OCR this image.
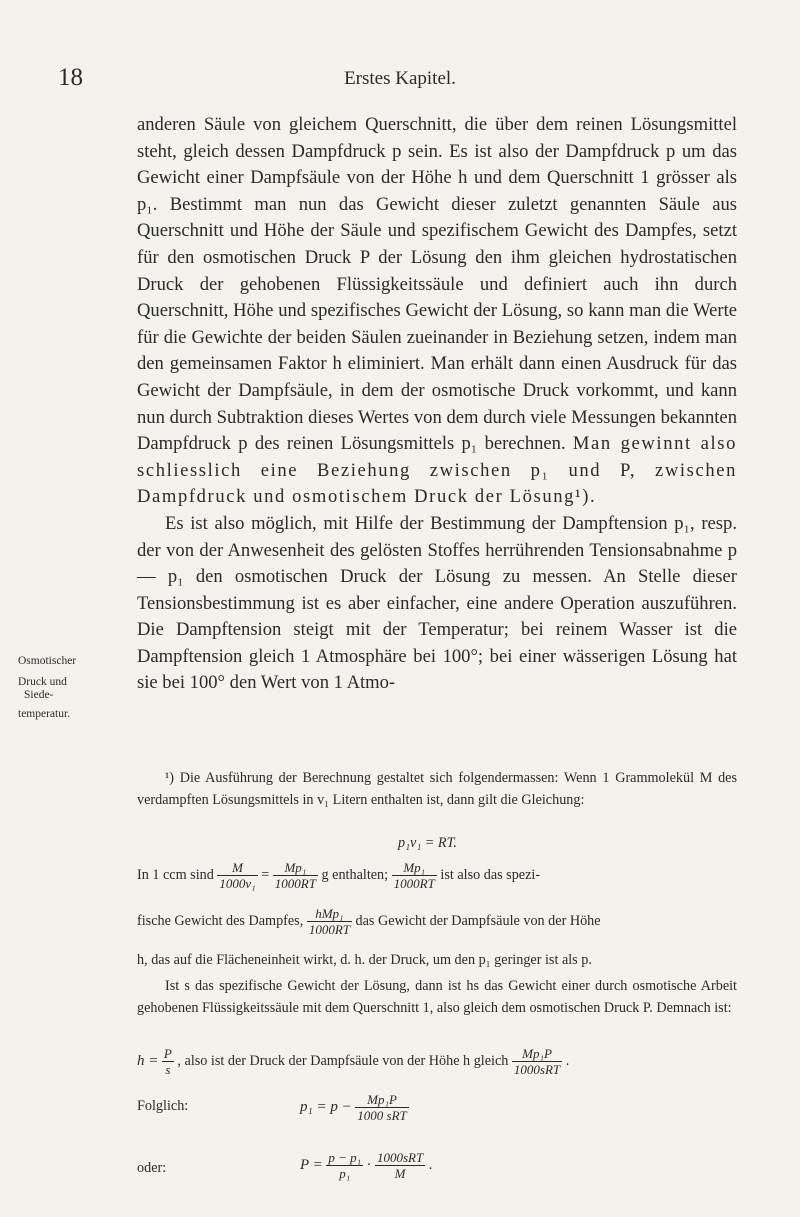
18	Erstes Kapitel.

anderen Säule von gleichem Querschnitt, die über dem reinen Lösungsmittel steht, gleich dessen Dampfdruck p sein. Es ist also der Dampfdruck p um das Gewicht einer Dampfsäule von der Höhe h und dem Querschnitt 1 grösser als p₁. Bestimmt man nun das Gewicht dieser zuletzt genannten Säule aus Querschnitt und Höhe der Säule und spezifischem Gewicht des Dampfes, setzt für den osmotischen Druck P der Lösung den ihm gleichen hydrostatischen Druck der gehobenen Flüssigkeitssäule und definiert auch ihn durch Querschnitt, Höhe und spezifisches Gewicht der Lösung, so kann man die Werte für die Gewichte der beiden Säulen zueinander in Beziehung setzen, indem man den gemeinsamen Faktor h eliminiert. Man erhält dann einen Ausdruck für das Gewicht der Dampfsäule, in dem der osmotische Druck vorkommt, und kann nun durch Subtraktion dieses Wertes von dem durch viele Messungen bekannten Dampfdruck p des reinen Lösungsmittels p₁ berechnen. Man gewinnt also schliesslich eine Beziehung zwischen p₁ und P, zwischen Dampfdruck und osmotischem Druck der Lösung¹).

Es ist also möglich, mit Hilfe der Bestimmung der Dampftension p₁, resp. der von der Anwesenheit des gelösten Stoffes herrührenden Tensionsabnahme p — p₁ den osmotischen Druck der Lösung zu messen. An Stelle dieser Tensionsbestimmung ist es aber einfacher, eine andere Operation auszuführen. Die Dampftension steigt mit der Temperatur; bei reinem Wasser ist die Dampftension gleich 1 Atmosphäre bei 100°; bei einer wässerigen Lösung hat sie bei 100° den Wert von 1 Atmo-

Osmotischer
Druck und
Siede-
temperatur.

¹) Die Ausführung der Berechnung gestaltet sich folgendermassen: Wenn 1 Grammolekül M des verdampften Lösungsmittels in v₁ Litern enthalten ist, dann gilt die Gleichung:

p₁v₁ = RT.
In 1 ccm sind $\frac{M}{\text{1000v₁}} = \frac{\text{Mp₁}}{1000RT}$ g enthalten; $\frac{\text{Mp₁}}{1000RT}$ ist also das spezi-
fische Gewicht des Dampfes, $\frac{\text{hMp₁}}{1000RT}$ das Gewicht der Dampfsäule von der Höhe

h, das auf die Flächeneinheit wirkt, d. h. der Druck, um den p₁ geringer ist als p.

Ist s das spezifische Gewicht der Lösung, dann ist hs das Gewicht einer durch osmotische Arbeit gehobenen Flüssigkeitssäule mit dem Querschnitt 1, also gleich dem osmotischen Druck P. Demnach ist:

$h = \frac{P}{s}$ , also ist der Druck der Dampfsäule von der Höhe h gleich $\frac{\text{Mp₁P}}{\text{1000sRT}}$ .
Folglich:	$p_1 = p - \frac{\text{Mp₁P}}{\text{1000 sRT}}$
oder:	$P = \frac{\text{p − p₁}}{\text{p₁}} \cdot \frac{\text{1000sRT}}{M}$ .
